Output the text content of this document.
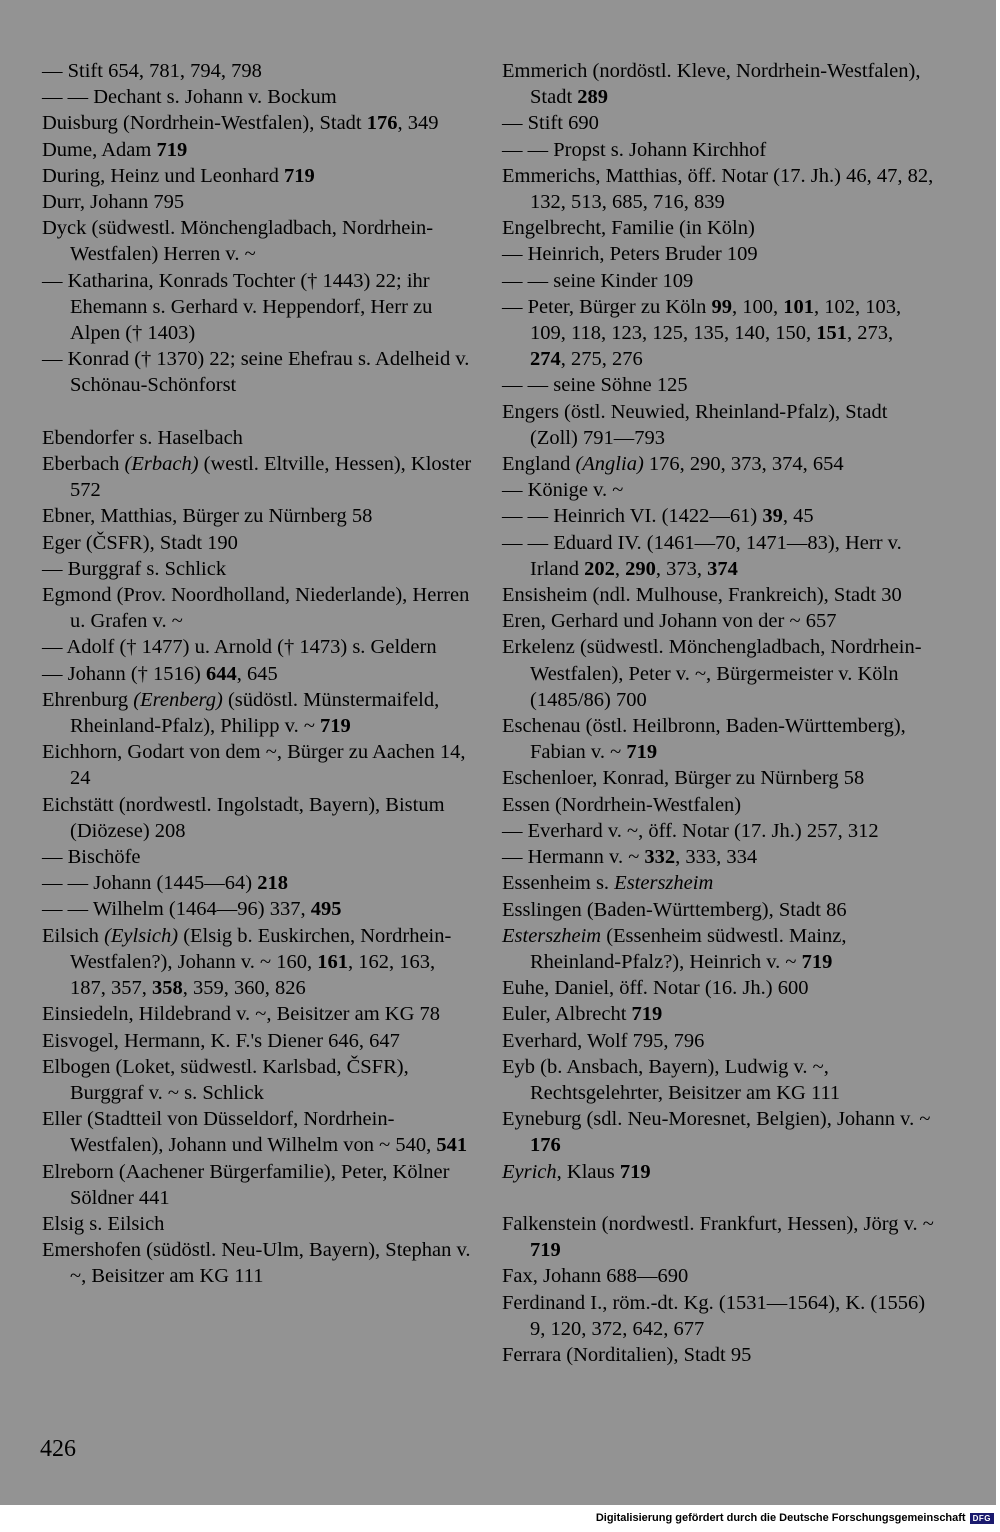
— Stift 654, 781, 794, 798
— — Dechant s. Johann v. Bockum
Duisburg (Nordrhein-Westfalen), Stadt 176, 349
Dume, Adam 719
During, Heinz und Leonhard 719
Durr, Johann 795
Dyck (südwestl. Mönchengladbach, Nordrhein-Westfalen) Herren v. ~
— Katharina, Konrads Tochter († 1443) 22; ihr Ehemann s. Gerhard v. Heppendorf, Herr zu Alpen († 1403)
— Konrad († 1370) 22; seine Ehefrau s. Adelheid v. Schönau-Schönforst
Ebendorfer s. Haselbach
Eberbach (Erbach) (westl. Eltville, Hessen), Kloster 572
Ebner, Matthias, Bürger zu Nürnberg 58
Eger (ČSFR), Stadt 190
— Burggraf s. Schlick
Egmond (Prov. Noordholland, Niederlande), Herren u. Grafen v. ~
— Adolf († 1477) u. Arnold († 1473) s. Geldern
— Johann († 1516) 644, 645
Ehrenburg (Erenberg) (südöstl. Münstermaifeld, Rheinland-Pfalz), Philipp v. ~ 719
Eichhorn, Godart von dem ~, Bürger zu Aachen 14, 24
Eichstätt (nordwestl. Ingolstadt, Bayern), Bistum (Diözese) 208
— Bischöfe
— — Johann (1445—64) 218
— — Wilhelm (1464—96) 337, 495
Eilsich (Eylsich) (Elsig b. Euskirchen, Nordrhein-Westfalen?), Johann v. ~ 160, 161, 162, 163, 187, 357, 358, 359, 360, 826
Einsiedeln, Hildebrand v. ~, Beisitzer am KG 78
Eisvogel, Hermann, K. F.'s Diener 646, 647
Elbogen (Loket, südwestl. Karlsbad, ČSFR), Burggraf v. ~ s. Schlick
Eller (Stadtteil von Düsseldorf, Nordrhein-Westfalen), Johann und Wilhelm von ~ 540, 541
Elreborn (Aachener Bürgerfamilie), Peter, Kölner Söldner 441
Elsig s. Eilsich
Emershofen (südöstl. Neu-Ulm, Bayern), Stephan v. ~, Beisitzer am KG 111
Emmerich (nordöstl. Kleve, Nordrhein-Westfalen), Stadt 289
— Stift 690
— — Propst s. Johann Kirchhof
Emmerichs, Matthias, öff. Notar (17. Jh.) 46, 47, 82, 132, 513, 685, 716, 839
Engelbrecht, Familie (in Köln)
— Heinrich, Peters Bruder 109
— — seine Kinder 109
— Peter, Bürger zu Köln 99, 100, 101, 102, 103, 109, 118, 123, 125, 135, 140, 150, 151, 273, 274, 275, 276
— — seine Söhne 125
Engers (östl. Neuwied, Rheinland-Pfalz), Stadt (Zoll) 791—793
England (Anglia) 176, 290, 373, 374, 654
— Könige v. ~
— — Heinrich VI. (1422—61) 39, 45
— — Eduard IV. (1461—70, 1471—83), Herr v. Irland 202, 290, 373, 374
Ensisheim (ndl. Mulhouse, Frankreich), Stadt 30
Eren, Gerhard und Johann von der ~ 657
Erkelenz (südwestl. Mönchengladbach, Nordrhein-Westfalen), Peter v. ~, Bürgermeister v. Köln (1485/86) 700
Eschenau (östl. Heilbronn, Baden-Württemberg), Fabian v. ~ 719
Eschenloer, Konrad, Bürger zu Nürnberg 58
Essen (Nordrhein-Westfalen)
— Everhard v. ~, öff. Notar (17. Jh.) 257, 312
— Hermann v. ~ 332, 333, 334
Essenheim s. Esterszheim
Esslingen (Baden-Württemberg), Stadt 86
Esterszheim (Essenheim südwestl. Mainz, Rheinland-Pfalz?), Heinrich v. ~ 719
Euhe, Daniel, öff. Notar (16. Jh.) 600
Euler, Albrecht 719
Everhard, Wolf 795, 796
Eyb (b. Ansbach, Bayern), Ludwig v. ~, Rechtsgelehrter, Beisitzer am KG 111
Eyneburg (sdl. Neu-Moresnet, Belgien), Johann v. ~ 176
Eyrich, Klaus 719
Falkenstein (nordwestl. Frankfurt, Hessen), Jörg v. ~ 719
Fax, Johann 688—690
Ferdinand I., röm.-dt. Kg. (1531—1564), K. (1556) 9, 120, 372, 642, 677
Ferrara (Norditalien), Stadt 95
426
Digitalisierung gefördert durch die Deutsche Forschungsgemeinschaft DFG
